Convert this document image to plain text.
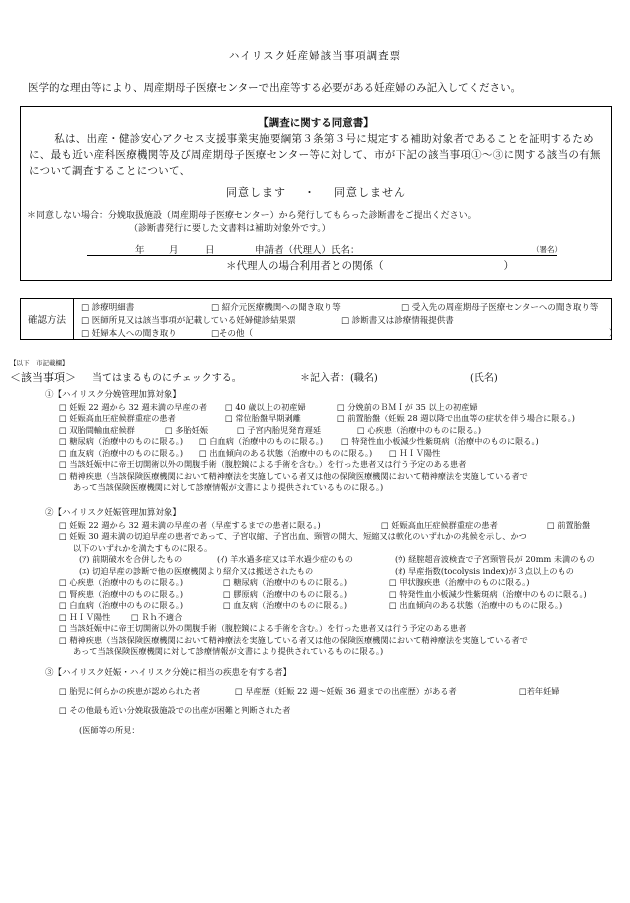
ハイリスク妊産婦該当事項調査票
医学的な理由等により、周産期母子医療センターで出産等する必要がある妊産婦のみ記入してください。
【調査に関する同意書】
私は、出産・健診安心アクセス支援事業実施要綱第３条第３号に規定する補助対象者であることを証明するために、最も近い産科医療機関等及び周産期母子医療センター等に対して、市が下記の該当事項①～③に関する該当の有無について調査することについて、
同意します ・ 同意しません
＊同意しない場合：分娩取扱施設（周産期母子医療センター）から発行してもらった診断書をご提出ください。
（診断書発行に要した文書料は補助対象外です。）
年	月	日	申請者（代理人）氏名：	（署名）
＊代理人の場合利用者との関係（	）
確認方法
□ 診療明細書	□ 紹介元医療機関への聞き取り等	□ 受入先の周産期母子医療センターへの聞き取り等
□ 医師所見又は該当事項が記載している妊婦健診結果票	□ 診断書又は診療情報提供書
□ 妊婦本人への聞き取り	□その他（	）
【以下　市記載欄】
＜該当事項＞ 当てはまるものにチェックする。	＊記入者：(職名)	(氏名)
①【ハイリスク分娩管理加算対象】
□ 妊娠 22 週から 32 週未満の早産の者 □ 40 歳以上の初産婦	□ 分娩前のＢＭＩが 35 以上の初産婦
□ 妊娠高血圧症候群重症の患者	□ 常位胎盤早期剥離	□ 前置胎盤（妊娠 28 週以降で出血等の症状を伴う場合に限る。)
□ 双胎間輸血症候群	□ 多胎妊娠	□ 子宮内胎児発育遅延	□ 心疾患（治療中のものに限る。)
□ 糖尿病（治療中のものに限る。) □ 白血病（治療中のものに限る。) □ 特発性血小板減少性紫斑病（治療中のものに限る。)
□ 血友病（治療中のものに限る。) □ 出血傾向のある状態（治療中のものに限る。) □ ＨＩＶ陽性
□ 当該妊娠中に帝王切開術以外の開腹手術（腹腔鏡による手術を含む。）を行った患者又は行う予定のある患者
□ 精神疾患（当該保険医療機関において精神療法を実施している者又は他の保険医療機関において精神療法を実施している者で
あって当該保険医療機関に対して診療情報が文書により提供されているものに限る。)
②【ハイリスク妊娠管理加算対象】
□ 妊娠 22 週から 32 週未満の早産の者（早産するまでの患者に限る。)	□ 妊娠高血圧症候群重症の患者	□ 前置胎盤
□ 妊娠 30 週未満の切迫早産の患者であって、子宮収縮、子宮出血、頸管の開大、短縮又は軟化のいずれかの兆候を示し、かつ
以下のいずれかを満たすものに限る。
(ｱ) 前期破水を合併したもの	(ｲ) 羊水過多症又は羊水過少症のもの	(ｳ) 経腟超音波検査で子宮頸管長が 20mm 未満のもの
(ｴ) 切迫早産の診断で他の医療機関より紹介又は搬送されたもの	(ｵ) 早産指数(tocolysis index)が３点以上のもの
□ 心疾患（治療中のものに限る。)	□ 糖尿病（治療中のものに限る。)	□ 甲状腺疾患（治療中のものに限る。)
□ 腎疾患（治療中のものに限る。)	□ 膠原病（治療中のものに限る。)	□ 特発性血小板減少性紫斑病（治療中のものに限る。)
□ 白血病（治療中のものに限る。)	□ 血友病（治療中のものに限る。)	□ 出血傾向のある状態（治療中のものに限る。)
□ ＨＩＶ陽性	□ Ｒｈ不適合
□ 当該妊娠中に帝王切開術以外の開腹手術（腹腔鏡による手術を含む。）を行った患者又は行う予定のある患者
□ 精神疾患（当該保険医療機関において精神療法を実施している者又は他の保険医療機関において精神療法を実施している者で
あって当該保険医療機関に対して診療情報が文書により提供されているものに限る。)
③【ハイリスク妊娠・ハイリスク分娩に相当の疾患を有する者】
□ 胎児に何らかの疾患が認められた者	□ 早産歴（妊娠 22 週～妊娠 36 週までの出産歴）がある者	□若年妊婦
□ その他最も近い分娩取扱施設での出産が困難と判断された者
(医師等の所見：
